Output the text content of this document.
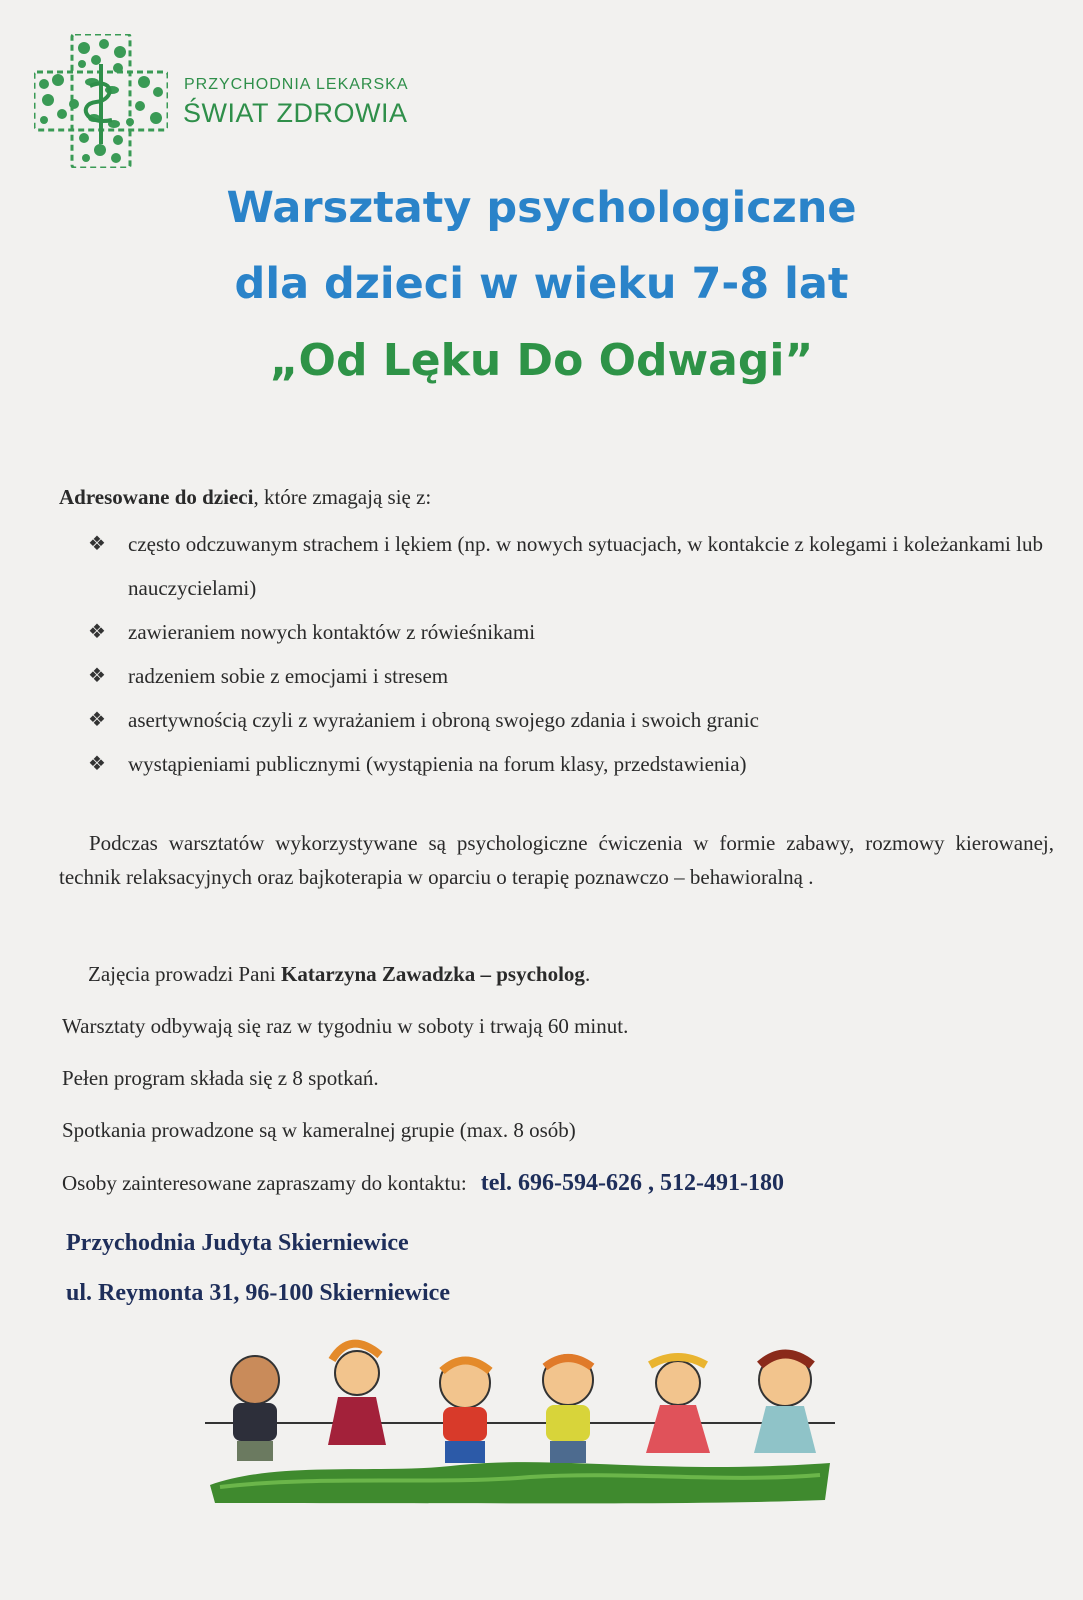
PRZYCHODNIA LEKARSKA
ŚWIAT ZDROWIA
Warsztaty psychologiczne
dla dzieci w wieku 7-8 lat
„Od Lęku Do Odwagi”
Adresowane do dzieci, które zmagają się z:
❖ często odczuwanym strachem i lękiem (np. w nowych sytuacjach, w kontakcie z kolegami i koleżankami lub nauczycielami)
❖ zawieraniem nowych kontaktów z rówieśnikami
❖ radzeniem sobie z emocjami i stresem
❖ asertywnością czyli z wyrażaniem i obroną swojego zdania i swoich granic
❖ wystąpieniami publicznymi (wystąpienia na forum klasy, przedstawienia)
Podczas warsztatów wykorzystywane są psychologiczne ćwiczenia w formie zabawy, rozmowy kierowanej, technik relaksacyjnych oraz bajkoterapia w oparciu o terapię poznawczo – behawioralną .
Zajęcia prowadzi Pani Katarzyna Zawadzka – psycholog.
Warsztaty odbywają się raz w tygodniu w soboty i trwają 60 minut.
Pełen program składa się z 8 spotkań.
Spotkania prowadzone są w kameralnej grupie (max. 8 osób)
Osoby zainteresowane zapraszamy do kontaktu: tel. 696-594-626 , 512-491-180
Przychodnia Judyta Skierniewice
ul. Reymonta 31, 96-100 Skierniewice
